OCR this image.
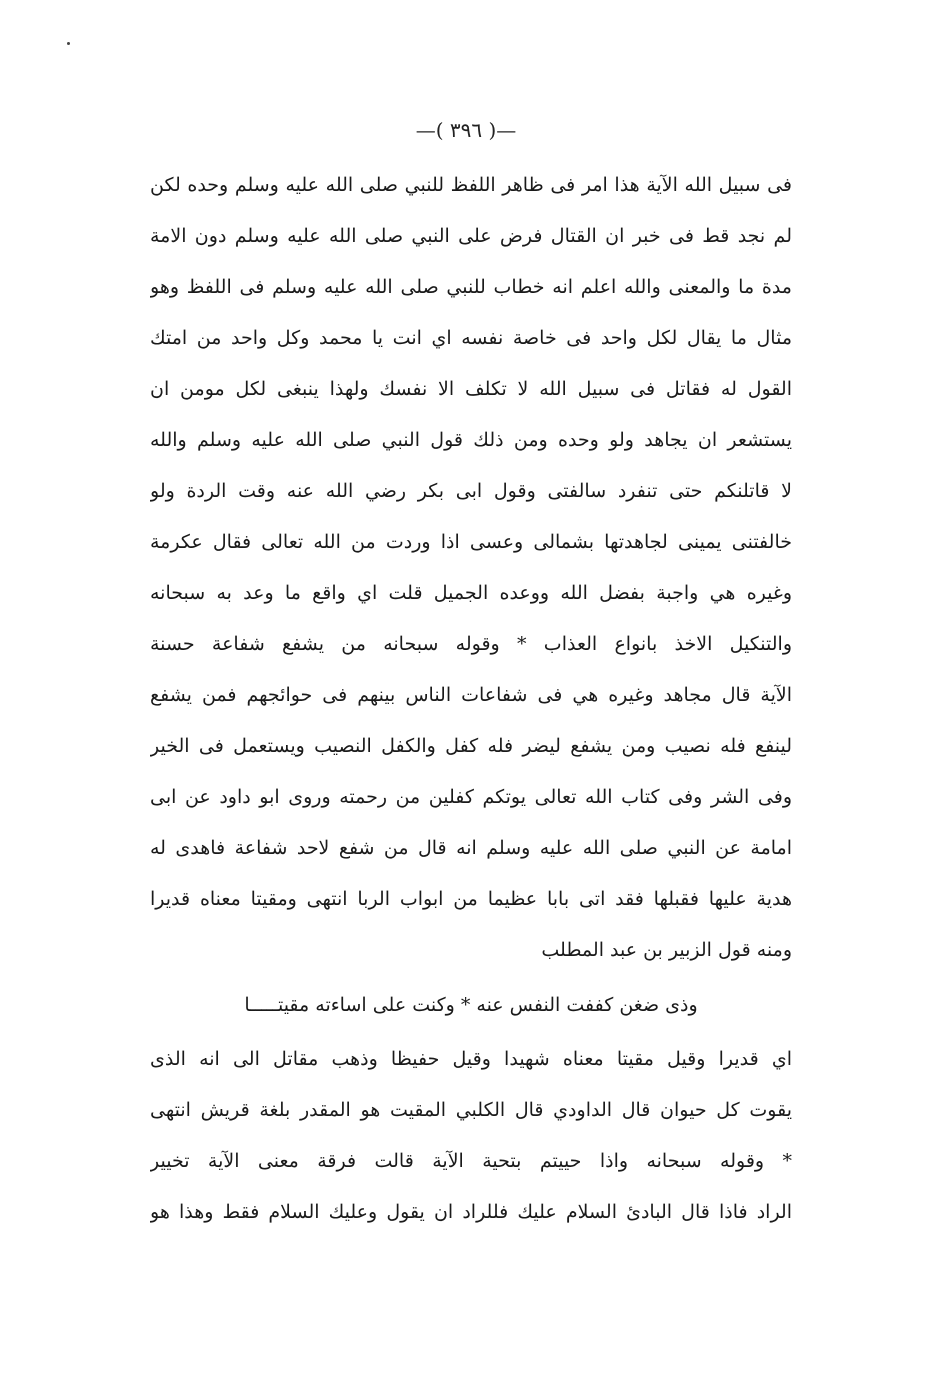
—( ٣٩٦ )—
فى سبيل الله الآية هذا امر فى ظاهر اللفظ للنبي صلى الله عليه وسلم وحده لكن
لم نجد قط فى خبر ان القتال فرض على النبي صلى الله عليه وسلم دون الامة
مدة ما والمعنى والله اعلم انه خطاب للنبي صلى الله عليه وسلم فى اللفظ وهو
مثال ما يقال لكل واحد فى خاصة نفسه اي انت يا محمد وكل واحد من امتك
القول له فقاتل فى سبيل الله لا تكلف الا نفسك ولهذا ينبغى لكل مومن ان
يستشعر ان يجاهد ولو وحده ومن ذلك قول النبي صلى الله عليه وسلم والله
لا قاتلنكم حتى تنفرد سالفتى وقول ابى بكر رضي الله عنه وقت الردة ولو
خالفتنى يمينى لجاهدتها بشمالى وعسى اذا وردت من الله تعالى فقال عكرمة
وغيره هي واجبة بفضل الله ووعده الجميل قلت اي واقع ما وعد به سبحانه
والتنكيل الاخذ بانواع العذاب * وقوله سبحانه من يشفع شفاعة حسنة
الآية قال مجاهد وغيره هي فى شفاعات الناس بينهم فى حوائجهم فمن يشفع
لينفع فله نصيب ومن يشفع ليضر فله كفل والكفل النصيب ويستعمل فى الخير
وفى الشر وفى كتاب الله تعالى يوتكم كفلين من رحمته وروى ابو داود عن ابى
امامة عن النبي صلى الله عليه وسلم انه قال من شفع لاحد شفاعة فاهدى له
هدية عليها فقبلها فقد اتى بابا عظيما من ابواب الربا انتهى ومقيتا معناه قديرا
ومنه قول الزبير بن عبد المطلب
وذى ضغن كففت النفس عنه * وكنت على اساءته مقيتـــــا
اي قديرا وقيل مقيتا معناه شهيدا وقيل حفيظا وذهب مقاتل الى انه الذى
يقوت كل حيوان قال الداودي قال الكلبي المقيت هو المقدر بلغة قريش انتهى
* وقوله سبحانه واذا حييتم بتحية الآية قالت فرقة معنى الآية تخيير
الراد فاذا قال البادئ السلام عليك فللراد ان يقول وعليك السلام فقط وهذا هو
